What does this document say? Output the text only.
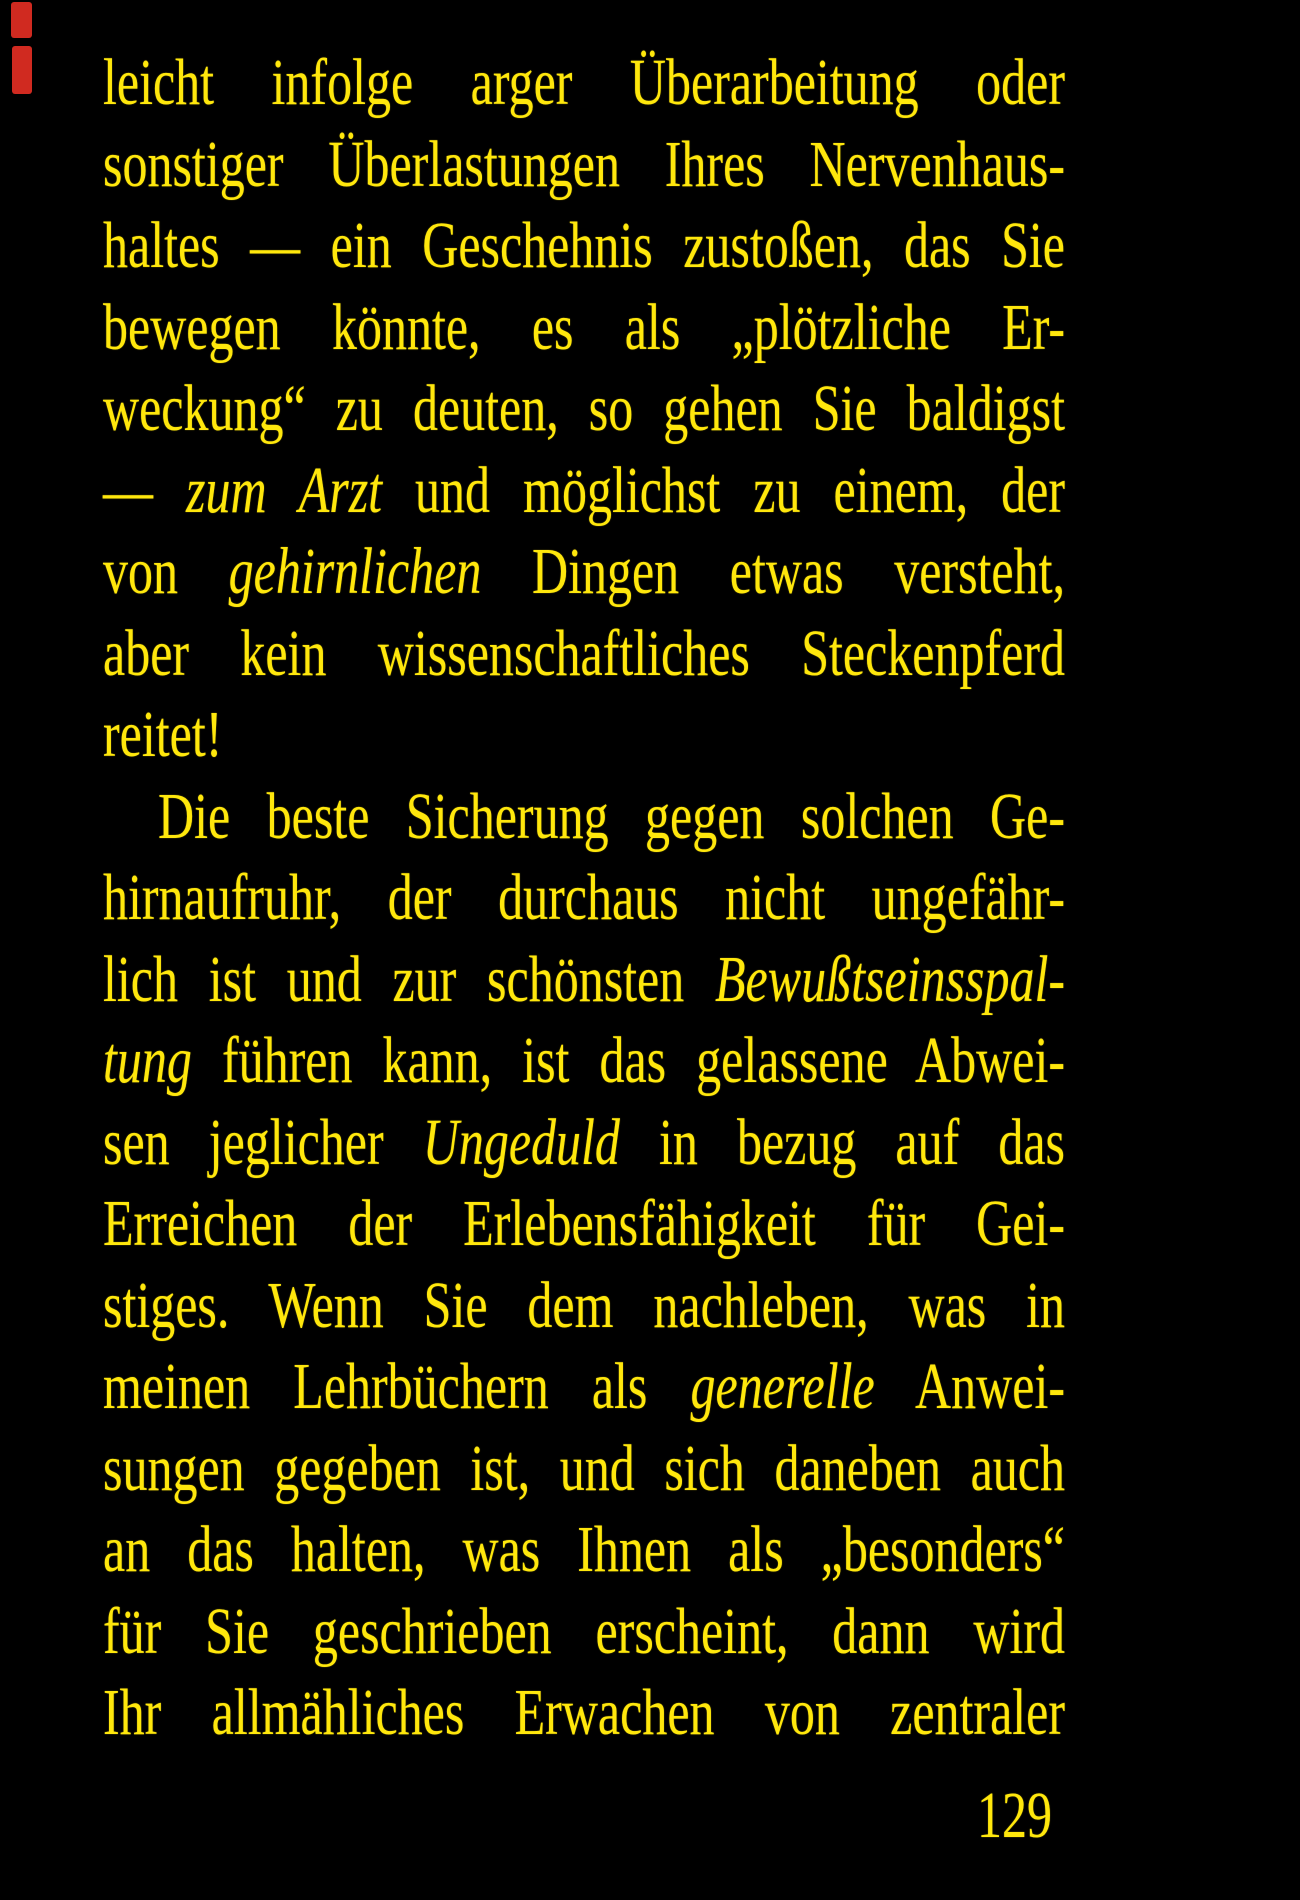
leicht infolge arger Überarbeitung oder
sonstiger Überlastungen Ihres Nervenhaus-
haltes — ein Geschehnis zustoßen, das Sie
bewegen könnte, es als „plötzliche Er-
weckung“ zu deuten, so gehen Sie baldigst
— zum Arzt und möglichst zu einem, der
von gehirnlichen Dingen etwas versteht,
aber kein wissenschaftliches Steckenpferd
reitet!
Die beste Sicherung gegen solchen Ge-
hirnaufruhr, der durchaus nicht ungefähr-
lich ist und zur schönsten Bewußtseinsspal-
tung führen kann, ist das gelassene Abwei-
sen jeglicher Ungeduld in bezug auf das
Erreichen der Erlebensfähigkeit für Gei-
stiges. Wenn Sie dem nachleben, was in
meinen Lehrbüchern als generelle Anwei-
sungen gegeben ist, und sich daneben auch
an das halten, was Ihnen als „besonders“
für Sie geschrieben erscheint, dann wird
Ihr allmähliches Erwachen von zentraler
129
